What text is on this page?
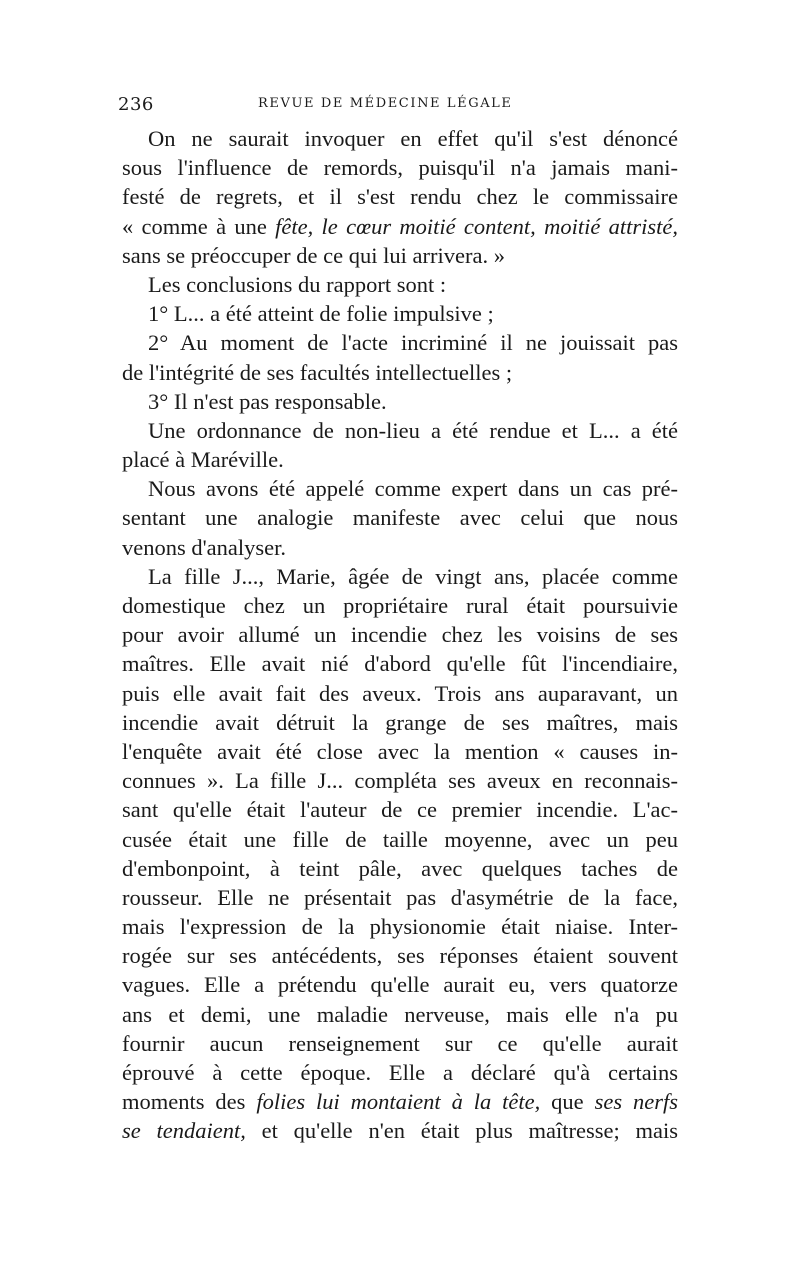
236	REVUE DE MÉDECINE LÉGALE
On ne saurait invoquer en effet qu'il s'est dénoncé
sous l'influence de remords, puisqu'il n'a jamais mani-
festé de regrets, et il s'est rendu chez le commissaire
« comme à une fête, le cœur moitié content, moitié attristé,
sans se préoccuper de ce qui lui arrivera. »
Les conclusions du rapport sont :
1° L... a été atteint de folie impulsive ;
2° Au moment de l'acte incriminé il ne jouissait pas
de l'intégrité de ses facultés intellectuelles ;
3° Il n'est pas responsable.
Une ordonnance de non-lieu a été rendue et L... a été
placé à Maréville.
Nous avons été appelé comme expert dans un cas pré-
sentant une analogie manifeste avec celui que nous
venons d'analyser.
La fille J..., Marie, âgée de vingt ans, placée comme
domestique chez un propriétaire rural était poursuivie
pour avoir allumé un incendie chez les voisins de ses
maîtres. Elle avait nié d'abord qu'elle fût l'incendiaire,
puis elle avait fait des aveux. Trois ans auparavant, un
incendie avait détruit la grange de ses maîtres, mais
l'enquête avait été close avec la mention « causes in-
connues ». La fille J... compléta ses aveux en reconnais-
sant qu'elle était l'auteur de ce premier incendie. L'ac-
cusée était une fille de taille moyenne, avec un peu
d'embonpoint, à teint pâle, avec quelques taches de
rousseur. Elle ne présentait pas d'asymétrie de la face,
mais l'expression de la physionomie était niaise. Inter-
rogée sur ses antécédents, ses réponses étaient souvent
vagues. Elle a prétendu qu'elle aurait eu, vers quatorze
ans et demi, une maladie nerveuse, mais elle n'a pu
fournir aucun renseignement sur ce qu'elle aurait
éprouvé à cette époque. Elle a déclaré qu'à certains
moments des folies lui montaient à la tête, que ses nerfs
se tendaient, et qu'elle n'en était plus maîtresse; mais
